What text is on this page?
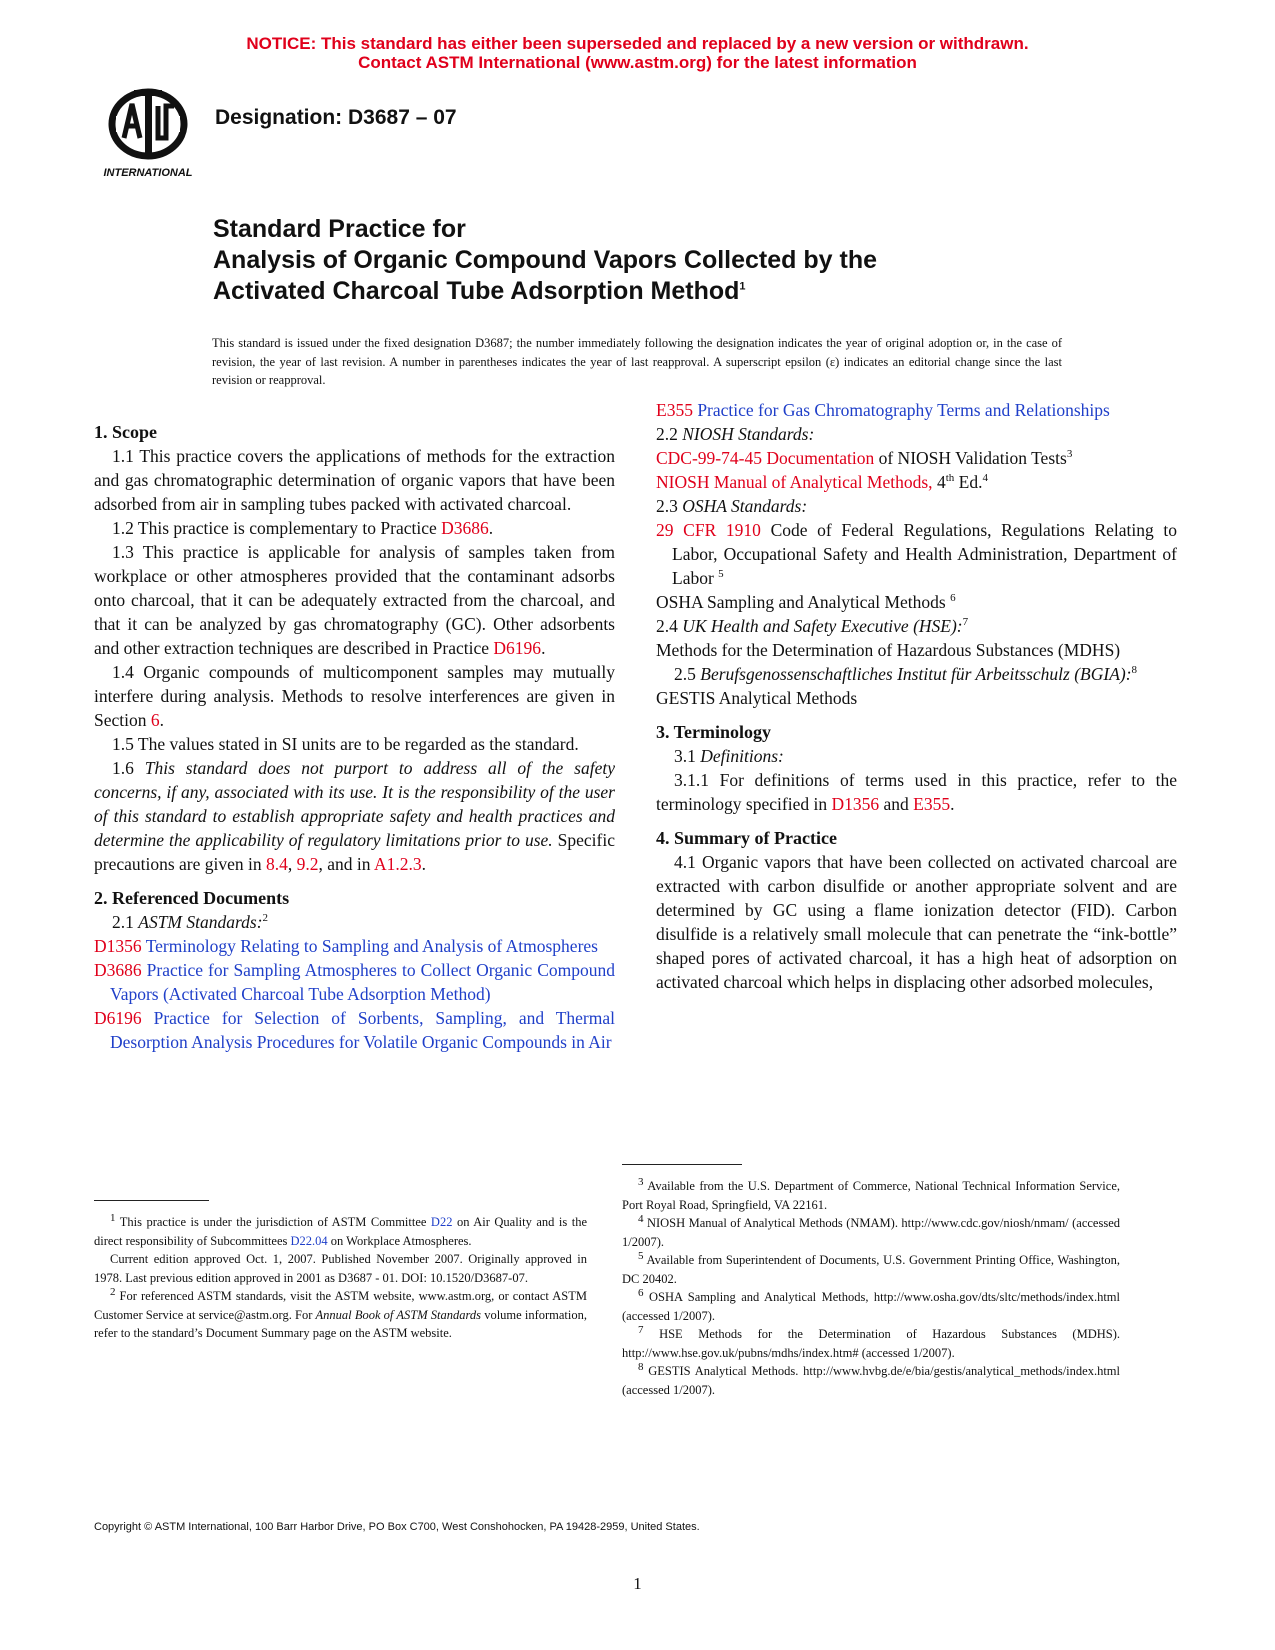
NOTICE: This standard has either been superseded and replaced by a new version or withdrawn.
Contact ASTM International (www.astm.org) for the latest information
INTERNATIONAL
Designation: D3687 – 07
Standard Practice for
Analysis of Organic Compound Vapors Collected by the
Activated Charcoal Tube Adsorption Method$^1$
This standard is issued under the fixed designation D3687; the number immediately following the designation indicates the year of original adoption or, in the case of revision, the year of last revision. A number in parentheses indicates the year of last reapproval. A superscript epsilon (ε) indicates an editorial change since the last revision or reapproval.

1. Scope

1.1 This practice covers the applications of methods for the extraction and gas chromatographic determination of organic vapors that have been adsorbed from air in sampling tubes packed with activated charcoal.

1.2 This practice is complementary to Practice D3686.

1.3 This practice is applicable for analysis of samples taken from workplace or other atmospheres provided that the contaminant adsorbs onto charcoal, that it can be adequately extracted from the charcoal, and that it can be analyzed by gas chromatography (GC). Other adsorbents and other extraction techniques are described in Practice D6196.

1.4 Organic compounds of multicomponent samples may mutually interfere during analysis. Methods to resolve interferences are given in Section 6.

1.5 The values stated in SI units are to be regarded as the standard.

1.6 This standard does not purport to address all of the safety concerns, if any, associated with its use. It is the responsibility of the user of this standard to establish appropriate safety and health practices and determine the applicability of regulatory limitations prior to use. Specific precautions are given in 8.4, 9.2, and in A1.2.3.

2. Referenced Documents

2.1 ASTM Standards:$^2$

D1356 Terminology Relating to Sampling and Analysis of Atmospheres

D3686 Practice for Sampling Atmospheres to Collect Organic Compound Vapors (Activated Charcoal Tube Adsorption Method)

D6196 Practice for Selection of Sorbents, Sampling, and Thermal Desorption Analysis Procedures for Volatile Organic Compounds in Air

$^1$ This practice is under the jurisdiction of ASTM Committee D22 on Air Quality and is the direct responsibility of Subcommittees D22.04 on Workplace Atmospheres.

Current edition approved Oct. 1, 2007. Published November 2007. Originally approved in 1978. Last previous edition approved in 2001 as D3687 - 01. DOI: 10.1520/D3687-07.

$^2$ For referenced ASTM standards, visit the ASTM website, www.astm.org, or contact ASTM Customer Service at service@astm.org. For Annual Book of ASTM Standards volume information, refer to the standard’s Document Summary page on the ASTM website.

E355 Practice for Gas Chromatography Terms and Relationships

2.2 NIOSH Standards:

CDC-99-74-45 Documentation of NIOSH Validation Tests$^3$

NIOSH Manual of Analytical Methods, 4th Ed.$^4$

2.3 OSHA Standards:

29 CFR 1910 Code of Federal Regulations, Regulations Relating to Labor, Occupational Safety and Health Administration, Department of Labor $^5$

OSHA Sampling and Analytical Methods $^6$

2.4 UK Health and Safety Executive (HSE):$^7$

Methods for the Determination of Hazardous Substances (MDHS)

2.5 Berufsgenossenschaftliches Institut für Arbeitsschulz (BGIA):$^8$

GESTIS Analytical Methods

3. Terminology

3.1 Definitions:

3.1.1 For definitions of terms used in this practice, refer to the terminology specified in D1356 and E355.

4. Summary of Practice

4.1 Organic vapors that have been collected on activated charcoal are extracted with carbon disulfide or another appropriate solvent and are determined by GC using a flame ionization detector (FID). Carbon disulfide is a relatively small molecule that can penetrate the “ink-bottle” shaped pores of activated charcoal, it has a high heat of adsorption on activated charcoal which helps in displacing other adsorbed molecules,

$^3$ Available from the U.S. Department of Commerce, National Technical Information Service, Port Royal Road, Springfield, VA 22161.

$^4$ NIOSH Manual of Analytical Methods (NMAM). http://www.cdc.gov/niosh/nmam/ (accessed 1/2007).

$^5$ Available from Superintendent of Documents, U.S. Government Printing Office, Washington, DC 20402.

$^6$ OSHA Sampling and Analytical Methods, http://www.osha.gov/dts/sltc/methods/index.html (accessed 1/2007).

$^7$ HSE Methods for the Determination of Hazardous Substances (MDHS). http://www.hse.gov.uk/pubns/mdhs/index.htm# (accessed 1/2007).

$^8$ GESTIS Analytical Methods. http://www.hvbg.de/e/bia/gestis/analytical_methods/index.html (accessed 1/2007).

Copyright © ASTM International, 100 Barr Harbor Drive, PO Box C700, West Conshohocken, PA 19428-2959, United States.
1
